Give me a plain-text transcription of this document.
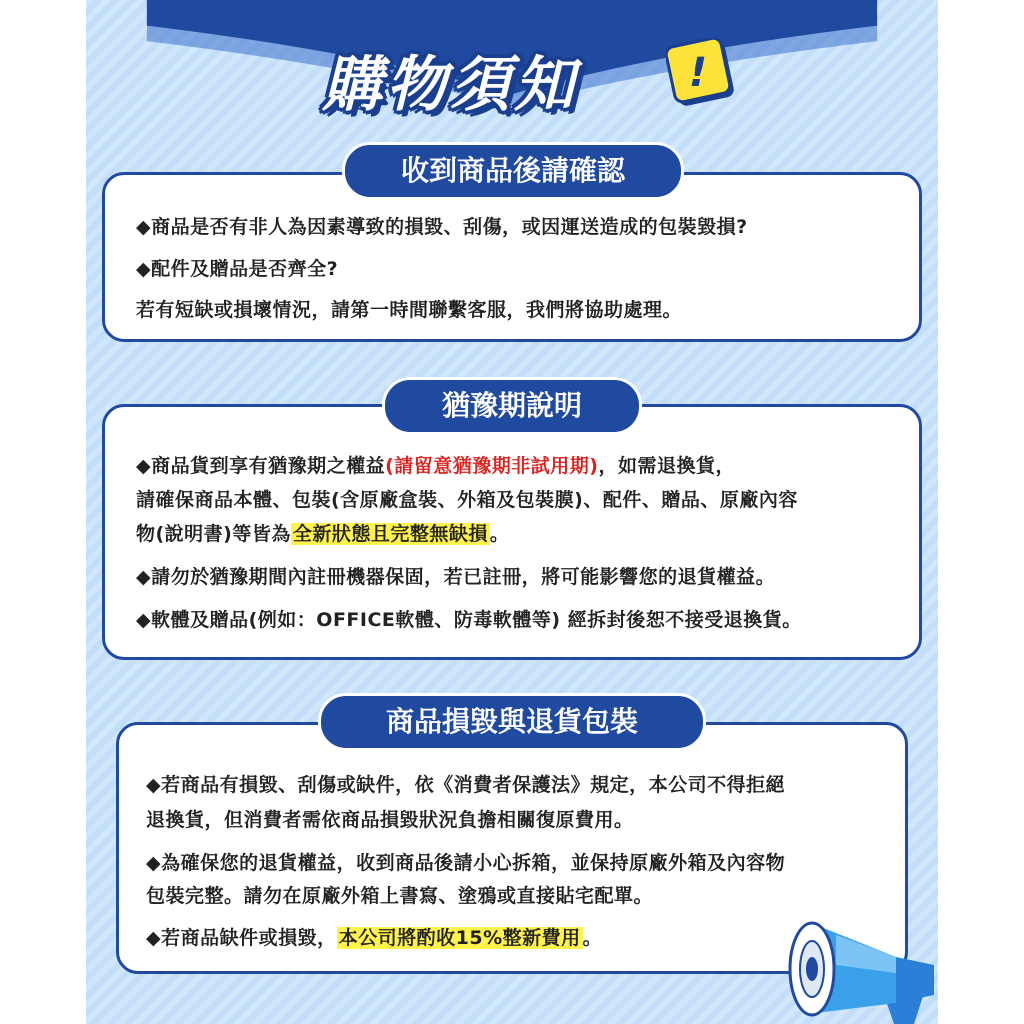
購物須知	!
收到商品後請確認
◆商品是否有非人為因素導致的損毀、刮傷，或因運送造成的包裝毀損?
◆配件及贈品是否齊全?
若有短缺或損壞情況，請第一時間聯繫客服，我們將協助處理。
猶豫期說明
◆商品貨到享有猶豫期之權益(請留意猶豫期非試用期)，如需退換貨，
請確保商品本體、包裝(含原廠盒裝、外箱及包裝膜)、配件、贈品、原廠內容
物(說明書)等皆為 全新狀態且完整無缺損 。
◆請勿於猶豫期間內註冊機器保固，若已註冊，將可能影響您的退貨權益。
◆軟體及贈品(例如：OFFICE軟體、防毒軟體等) 經拆封後恕不接受退換貨。
商品損毀與退貨包裝
◆若商品有損毀、刮傷或缺件，依《消費者保護法》規定，本公司不得拒絕
退換貨，但消費者需依商品損毀狀況負擔相關復原費用。
◆為確保您的退貨權益，收到商品後請小心拆箱，並保持原廠外箱及內容物
包裝完整。請勿在原廠外箱上書寫、塗鴉或直接貼宅配單。
◆若商品缺件或損毀， 本公司將酌收15%整新費用 。
